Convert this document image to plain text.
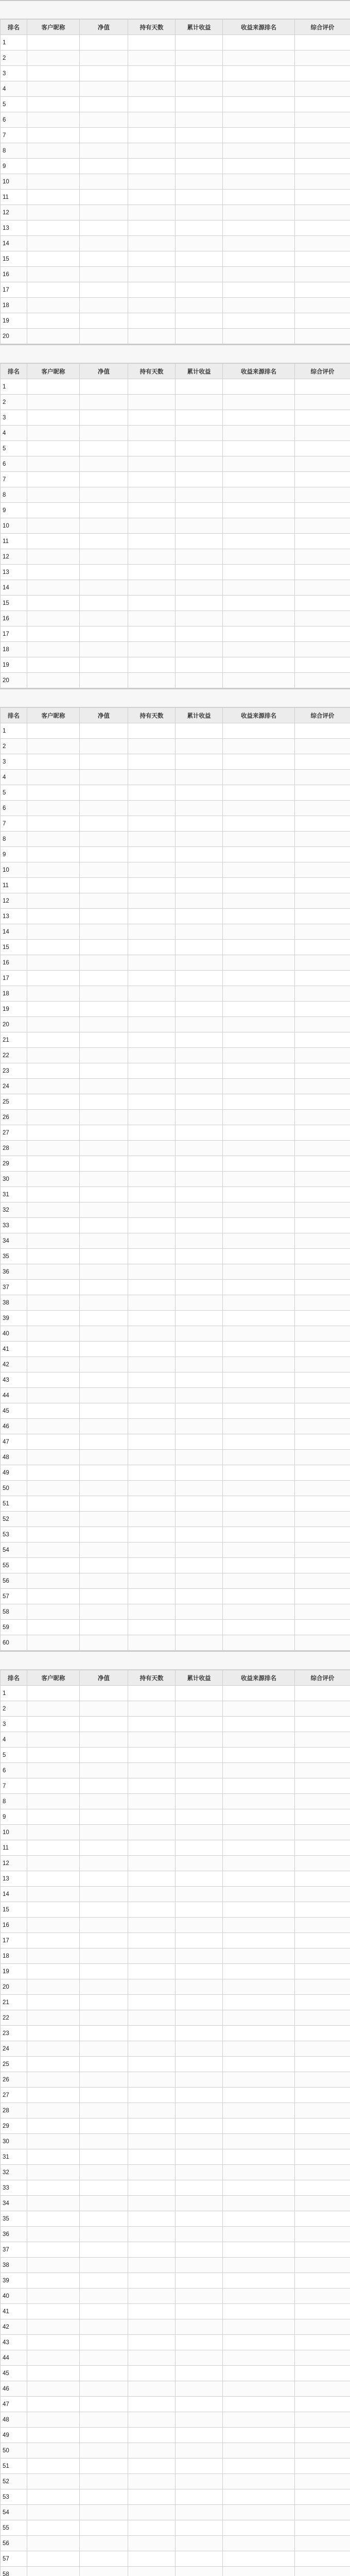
排名	客户昵称	净值	持有天数	累计收益	收益来源排名	综合评价
1						
2						
3						
4						
5						
6						
7						
8						
9						
10						
11						
12						
13						
14						
15						
16						
17						
18						
19						
20						
排名	客户昵称	净值	持有天数	累计收益	收益来源排名	综合评价
1						
2						
3						
4						
5						
6						
7						
8						
9						
10						
11						
12						
13						
14						
15						
16						
17						
18						
19						
20						
排名	客户昵称	净值	持有天数	累计收益	收益来源排名	综合评价
1						
2						
3						
4						
5						
6						
7						
8						
9						
10						
11						
12						
13						
14						
15						
16						
17						
18						
19						
20						
21						
22						
23						
24						
25						
26						
27						
28						
29						
30						
31						
32						
33						
34						
35						
36						
37						
38						
39						
40						
41						
42						
43						
44						
45						
46						
47						
48						
49						
50						
51						
52						
53						
54						
55						
56						
57						
58						
59						
60						
排名	客户昵称	净值	持有天数	累计收益	收益来源排名	综合评价
1						
2						
3						
4						
5						
6						
7						
8						
9						
10						
11						
12						
13						
14						
15						
16						
17						
18						
19						
20						
21						
22						
23						
24						
25						
26						
27						
28						
29						
30						
31						
32						
33						
34						
35						
36						
37						
38						
39						
40						
41						
42						
43						
44						
45						
46						
47						
48						
49						
50						
51						
52						
53						
54						
55						
56						
57						
58						
